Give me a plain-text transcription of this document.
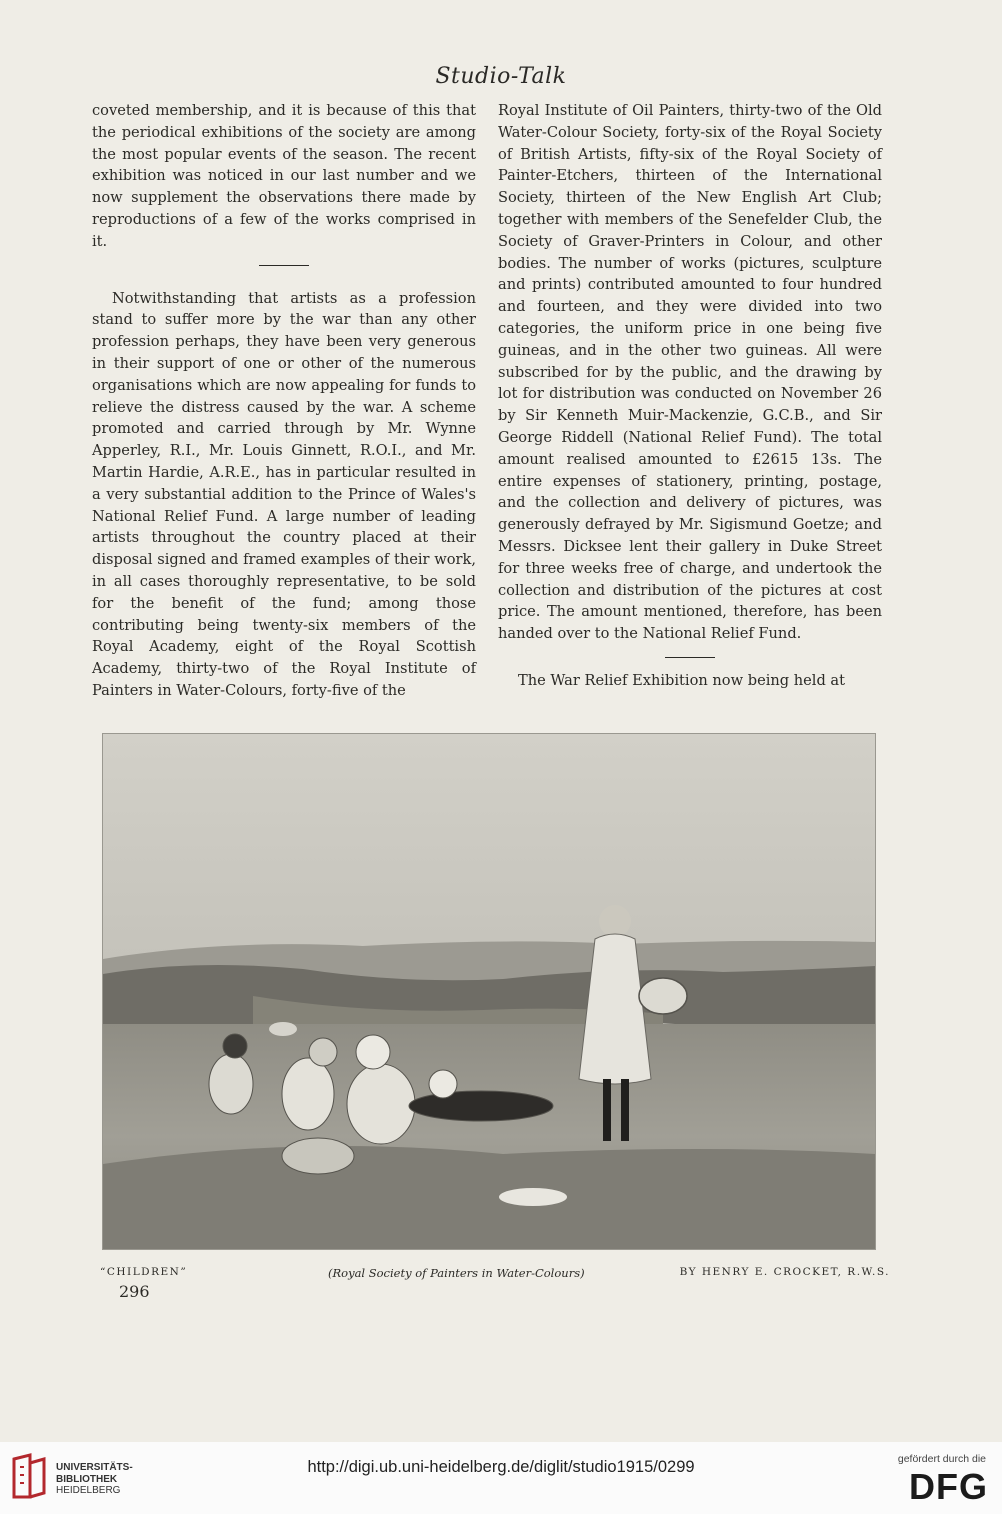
Studio-Talk

coveted membership, and it is because of this that the periodical exhibitions of the society are among the most popular events of the season. The recent exhibition was noticed in our last number and we now supplement the observations there made by reproductions of a few of the works comprised in it.

Notwithstanding that artists as a profession stand to suffer more by the war than any other profession perhaps, they have been very generous in their support of one or other of the numerous organisations which are now appealing for funds to relieve the distress caused by the war. A scheme promoted and carried through by Mr. Wynne Apperley, R.I., Mr. Louis Ginnett, R.O.I., and Mr. Martin Hardie, A.R.E., has in particular resulted in a very substantial addition to the Prince of Wales's National Relief Fund. A large number of leading artists throughout the country placed at their disposal signed and framed examples of their work, in all cases thoroughly representative, to be sold for the benefit of the fund; among those contributing being twenty-six members of the Royal Academy, eight of the Royal Scottish Academy, thirty-two of the Royal Institute of Painters in Water-Colours, forty-five of the

Royal Institute of Oil Painters, thirty-two of the Old Water-Colour Society, forty-six of the Royal Society of British Artists, fifty-six of the Royal Society of Painter-Etchers, thirteen of the International Society, thirteen of the New English Art Club; together with members of the Senefelder Club, the Society of Graver-Printers in Colour, and other bodies. The number of works (pictures, sculpture and prints) contributed amounted to four hundred and fourteen, and they were divided into two categories, the uniform price in one being five guineas, and in the other two guineas. All were subscribed for by the public, and the drawing by lot for distribution was conducted on November 26 by Sir Kenneth Muir-Mackenzie, G.C.B., and Sir George Riddell (National Relief Fund). The total amount realised amounted to £2615 13s. The entire expenses of stationery, printing, postage, and the collection and delivery of pictures, was generously defrayed by Mr. Sigismund Goetze; and Messrs. Dicksee lent their gallery in Duke Street for three weeks free of charge, and undertook the collection and distribution of the pictures at cost price. The amount mentioned, therefore, has been handed over to the National Relief Fund.

The War Relief Exhibition now being held at

“CHILDREN”	(Royal Society of Painters in Water-Colours)	BY HENRY E. CROCKET, R.W.S.
296
UNIVERSITÄTS-
BIBLIOTHEK
HEIDELBERG
http://digi.ub.uni-heidelberg.de/diglit/studio1915/0299	gefördert durch die
DFG
